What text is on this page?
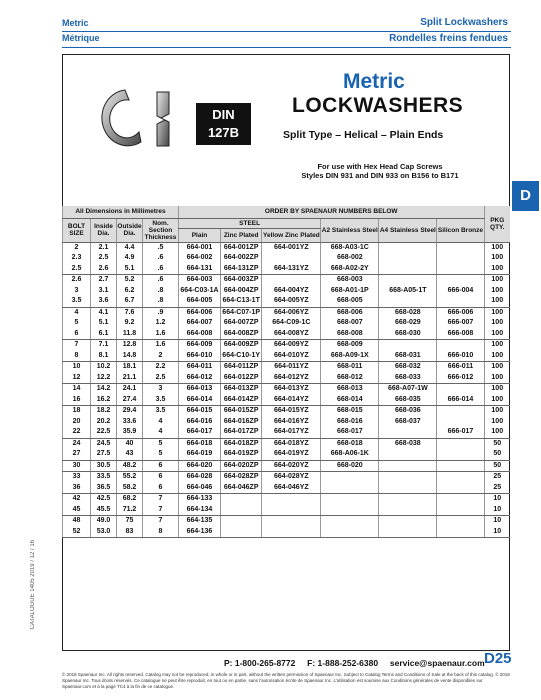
Metric
Métrique
Split Lockwashers
Rondelles freins fendues
D
DIN
127B
Metric
LOCKWASHERS
Split Type – Helical – Plain Ends
For use with Hex Head Cap Screws
Styles DIN 931 and DIN 933 on B156 to B171
All Dimensions in Millimetres				ORDER BY SPAENAUR NUMBERS BELOW						PKG QTY.
BOLT SIZE	Inside Dia.	Outside Dia.	Nom. Section Thickness	STEEL			A2 Stainless Steel	A4 Stainless Steel	Silicon Bronze	
				Plain	Zinc Plated	Yellow Zinc Plated				
2	2.1	4.4	.5	664-001	664-001ZP	664-001YZ	668-A03-1C			100
2.3	2.5	4.9	.6	664-002	664-002ZP		668-002			100
2.5	2.6	5.1	.6	664-131	664-131ZP	664-131YZ	668-A02-2Y			100
2.6	2.7	5.2	.6	664-003	664-003ZP		668-003			100
3	3.1	6.2	.8	664-C03-1A	664-004ZP	664-004YZ	668-A01-1P	668-A05-1T	666-004	100
3.5	3.6	6.7	.8	664-005	664-C13-1T	664-005YZ	668-005			100
4	4.1	7.6	.9	664-006	664-C07-1P	664-006YZ	668-006	668-028	666-006	100
5	5.1	9.2	1.2	664-007	664-007ZP	664-C09-1C	668-007	668-029	666-007	100
6	6.1	11.8	1.6	664-008	664-008ZP	664-008YZ	668-008	668-030	666-008	100
7	7.1	12.8	1.6	664-009	664-009ZP	664-009YZ	668-009			100
8	8.1	14.8	2	664-010	664-C10-1Y	664-010YZ	668-A09-1X	668-031	666-010	100
10	10.2	18.1	2.2	664-011	664-011ZP	664-011YZ	668-011	668-032	666-011	100
12	12.2	21.1	2.5	664-012	664-012ZP	664-012YZ	668-012	668-033	666-012	100
14	14.2	24.1	3	664-013	664-013ZP	664-013YZ	668-013	668-A07-1W		100
16	16.2	27.4	3.5	664-014	664-014ZP	664-014YZ	668-014	668-035	666-014	100
18	18.2	29.4	3.5	664-015	664-015ZP	664-015YZ	668-015	668-036		100
20	20.2	33.6	4	664-016	664-016ZP	664-016YZ	668-016	668-037		100
22	22.5	35.9	4	664-017	664-017ZP	664-017YZ	668-017		666-017	100
24	24.5	40	5	664-018	664-018ZP	664-018YZ	668-018	668-038		50
27	27.5	43	5	664-019	664-019ZP	664-019YZ	668-A06-1K			50
30	30.5	48.2	6	664-020	664-020ZP	664-020YZ	668-020			50
33	33.5	55.2	6	664-028	664-028ZP	664-028YZ				25
36	36.5	58.2	6	664-046	664-046ZP	664-046YZ				25
42	42.5	68.2	7	664-133						10
45	45.5	71.2	7	664-134						10
48	49.0	75	7	664-135						10
52	53.0	83	8	664-136						10
CATALOGUE 1405 2019 / 12 / 16
P: 1-800-265-8772 F: 1-888-252-6380 service@spaenaur.com D25
© 2018 Spaenaur Inc. All rights reserved. Catalog may not be reproduced, in whole or in part, without the written permission of Spaenaur Inc. Subject to Catalog Terms and Conditions of Sale at the back of this catalog. © 2018 Spaenaur Inc. Tous droits réservés. Ce catalogue ne peut être reproduit, en tout ou en partie, sans l'autorisation écrite de Spaenaur Inc. L'utilisation est soumise aux Conditions générales de vente disponibles sur Spaenaur.com et à la page TC4 à la fin de ce catalogue.
